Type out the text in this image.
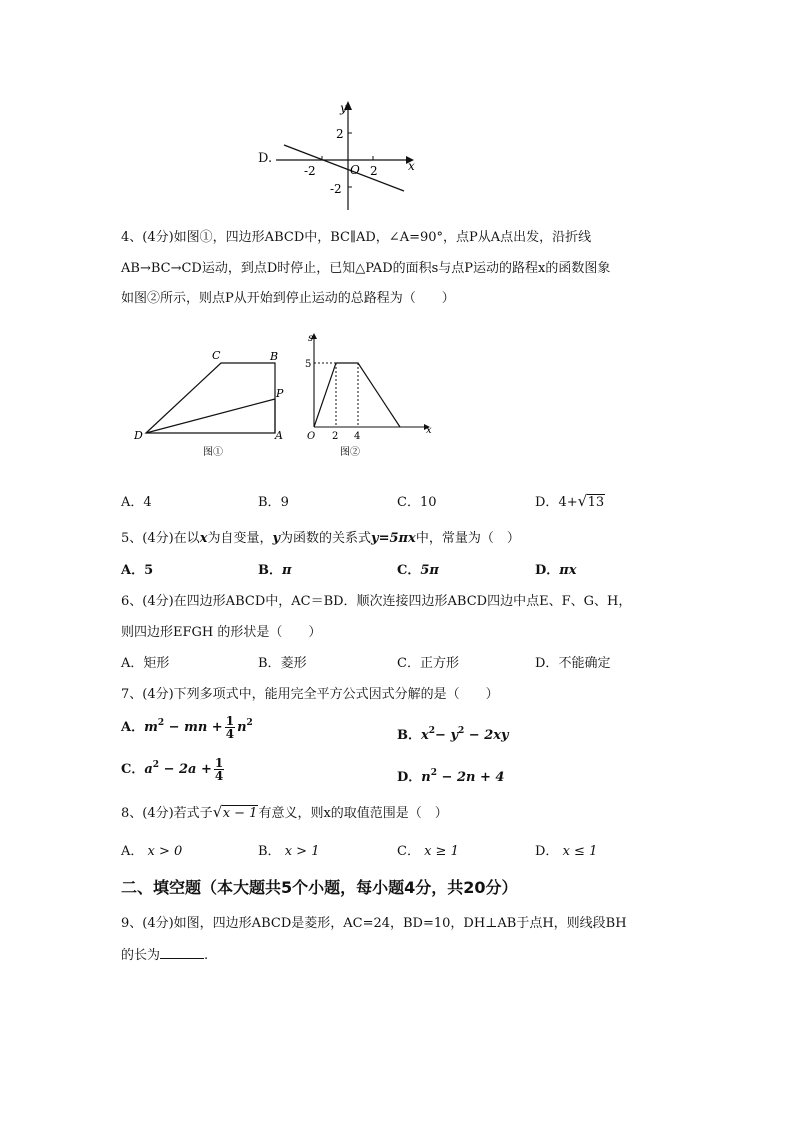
D.
y
x
2
-2
2
-2	O
4、(4分)如图①，四边形ABCD中，BC∥AD，∠A=90°，点P从A点出发，沿折线
AB→BC→CD运动，到点D时停止，已知△PAD的面积s与点P运动的路程x的函数图象
如图②所示，则点P从开始到停止运动的总路程为（　　）
C	B
P
D	A
图①
s
x
5
O 2 4
图②
A．4	B．9	C．10	D．4+ √ 13
5、(4分)在以x为自变量，y为函数的关系式y=5πx中，常量为（　）
A．5	B．π	C．5π	D．πx
6、(4分)在四边形ABCD中，AC＝BD．顺次连接四边形ABCD四边中点E、F、G、H，
则四边形EFGH 的形状是（　　）
A．矩形	B．菱形	C．正方形	D．不能确定
7、(4分)下列多项式中，能用完全平方公式因式分解的是（　　）
A．$m^2$ − mn + $\frac{1}{4} n^2$
B．$x^2- y^2 - 2xy$
C．$a^2 - 2a + \frac{1}{4}$	D．$n^2 - 2n + 4$
8、(4分)若式子 √ x − 1有意义，则x的取值范围是（　）
A． x > 0	B． x > 1	C． x ≥ 1	D． x ≤ 1
二、填空题（本大题共5个小题，每小题4分，共20分）
9、(4分)如图，四边形ABCD是菱形，AC=24，BD=10，DH⊥AB于点H，则线段BH
的长为	.
